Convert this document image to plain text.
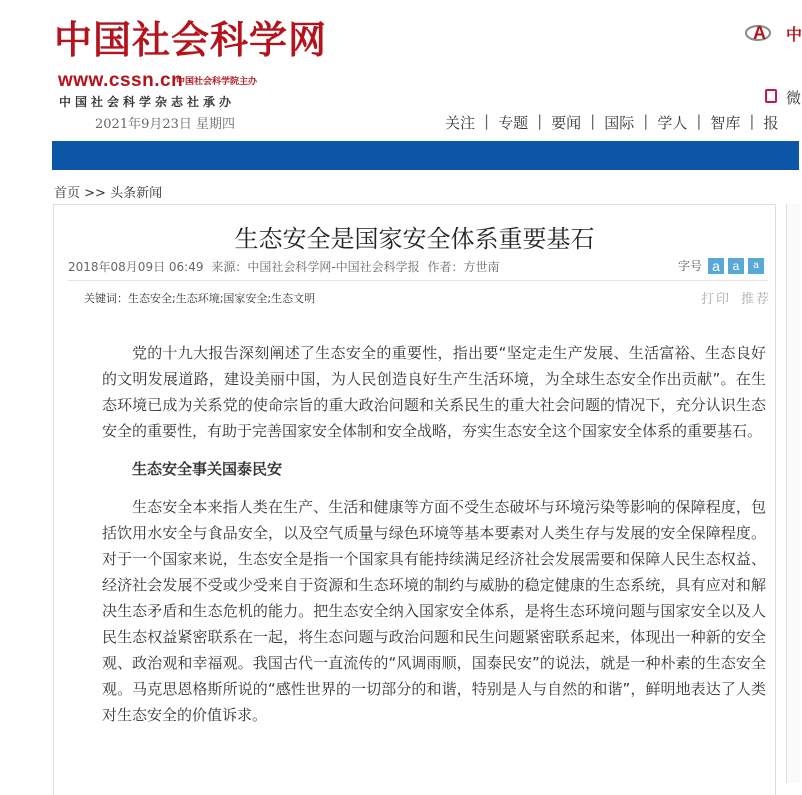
中国社会科学网
www.cssn.cn
中国社会科学院主办
中国社会科学杂志社承办
2021年9月23日 星期四
A 中
微
关注 | 专题 | 要闻 | 国际 | 学人 | 智库 | 报
首页 >> 头条新闻
生态安全是国家安全体系重要基石
2018年08月09日 06:49 来源：中国社会科学网-中国社会科学报 作者：方世南	字号 a	a	a
关键词：生态安全;生态环境;国家安全;生态文明	打印 推荐

党的十九大报告深刻阐述了生态安全的重要性，指出要“坚定走生产发展、生活富裕、生态良好的文明发展道路，建设美丽中国，为人民创造良好生产生活环境，为全球生态安全作出贡献”。在生态环境已成为关系党的使命宗旨的重大政治问题和关系民生的重大社会问题的情况下，充分认识生态安全的重要性，有助于完善国家安全体制和安全战略，夯实生态安全这个国家安全体系的重要基石。

生态安全事关国泰民安

生态安全本来指人类在生产、生活和健康等方面不受生态破坏与环境污染等影响的保障程度，包括饮用水安全与食品安全，以及空气质量与绿色环境等基本要素对人类生存与发展的安全保障程度。对于一个国家来说，生态安全是指一个国家具有能持续满足经济社会发展需要和保障人民生态权益、经济社会发展不受或少受来自于资源和生态环境的制约与威胁的稳定健康的生态系统，具有应对和解决生态矛盾和生态危机的能力。把生态安全纳入国家安全体系，是将生态环境问题与国家安全以及人民生态权益紧密联系在一起，将生态问题与政治问题和民生问题紧密联系起来，体现出一种新的安全观、政治观和幸福观。我国古代一直流传的“风调雨顺，国泰民安”的说法，就是一种朴素的生态安全观。马克思恩格斯所说的“感性世界的一切部分的和谐，特别是人与自然的和谐”，鲜明地表达了人类对生态安全的价值诉求。
